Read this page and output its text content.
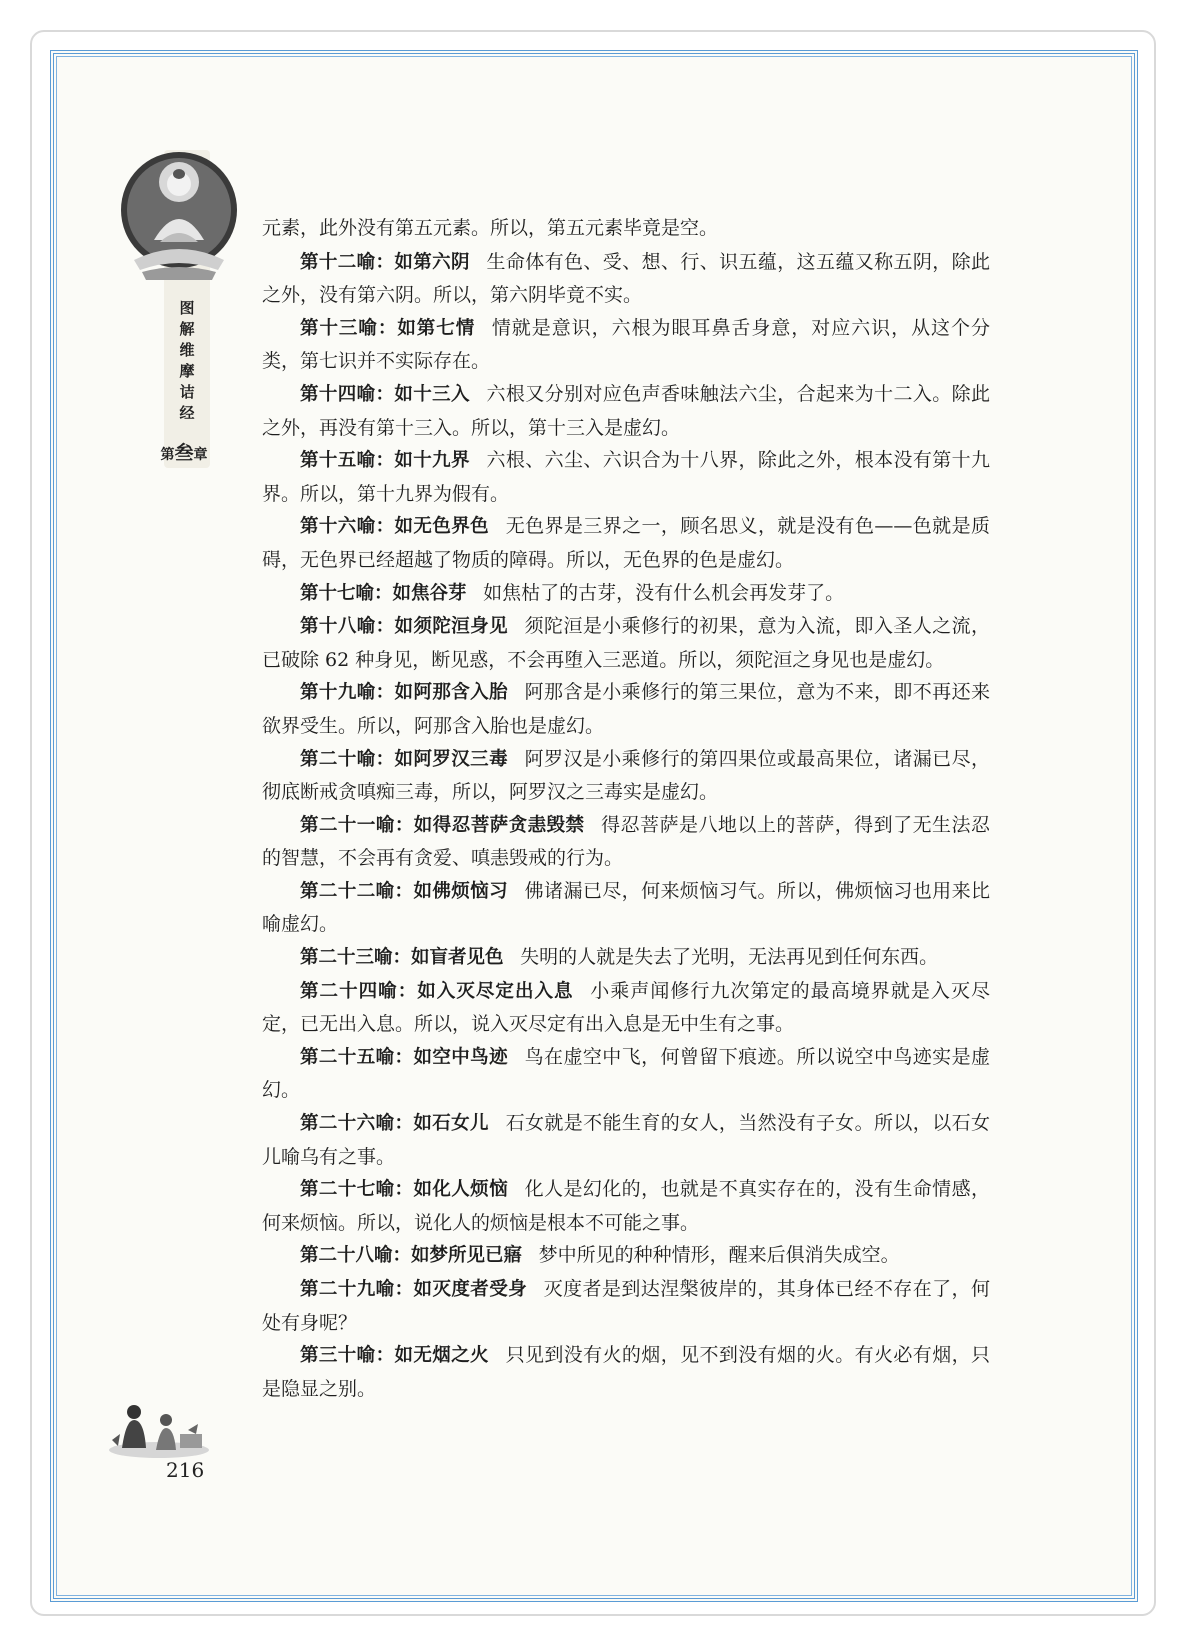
图
解
维
摩
诘
经
第叁章

元素，此外没有第五元素。所以，第五元素毕竟是空。

第十二喻：如第六阴 生命体有色、受、想、行、识五蕴，这五蕴又称五阴，除此之外，没有第六阴。所以，第六阴毕竟不实。

第十三喻：如第七情 情就是意识，六根为眼耳鼻舌身意，对应六识，从这个分类，第七识并不实际存在。

第十四喻：如十三入 六根又分别对应色声香味触法六尘，合起来为十二入。除此之外，再没有第十三入。所以，第十三入是虚幻。

第十五喻：如十九界 六根、六尘、六识合为十八界，除此之外，根本没有第十九界。所以，第十九界为假有。

第十六喻：如无色界色 无色界是三界之一，顾名思义，就是没有色——色就是质碍，无色界已经超越了物质的障碍。所以，无色界的色是虚幻。

第十七喻：如焦谷芽 如焦枯了的古芽，没有什么机会再发芽了。

第十八喻：如须陀洹身见 须陀洹是小乘修行的初果，意为入流，即入圣人之流，已破除 62 种身见，断见惑，不会再堕入三恶道。所以，须陀洹之身见也是虚幻。

第十九喻：如阿那含入胎 阿那含是小乘修行的第三果位，意为不来，即不再还来欲界受生。所以，阿那含入胎也是虚幻。

第二十喻：如阿罗汉三毒 阿罗汉是小乘修行的第四果位或最高果位，诸漏已尽，彻底断戒贪嗔痴三毒，所以，阿罗汉之三毒实是虚幻。

第二十一喻：如得忍菩萨贪恚毁禁 得忍菩萨是八地以上的菩萨，得到了无生法忍的智慧，不会再有贪爱、嗔恚毁戒的行为。

第二十二喻：如佛烦恼习 佛诸漏已尽，何来烦恼习气。所以，佛烦恼习也用来比喻虚幻。

第二十三喻：如盲者见色 失明的人就是失去了光明，无法再见到任何东西。

第二十四喻：如入灭尽定出入息 小乘声闻修行九次第定的最高境界就是入灭尽定，已无出入息。所以，说入灭尽定有出入息是无中生有之事。

第二十五喻：如空中鸟迹 鸟在虚空中飞，何曾留下痕迹。所以说空中鸟迹实是虚幻。

第二十六喻：如石女儿 石女就是不能生育的女人，当然没有子女。所以，以石女儿喻乌有之事。

第二十七喻：如化人烦恼 化人是幻化的，也就是不真实存在的，没有生命情感，何来烦恼。所以，说化人的烦恼是根本不可能之事。

第二十八喻：如梦所见已寤 梦中所见的种种情形，醒来后俱消失成空。

第二十九喻：如灭度者受身 灭度者是到达涅槃彼岸的，其身体已经不存在了，何处有身呢？

第三十喻：如无烟之火 只见到没有火的烟，见不到没有烟的火。有火必有烟，只是隐显之别。

216
